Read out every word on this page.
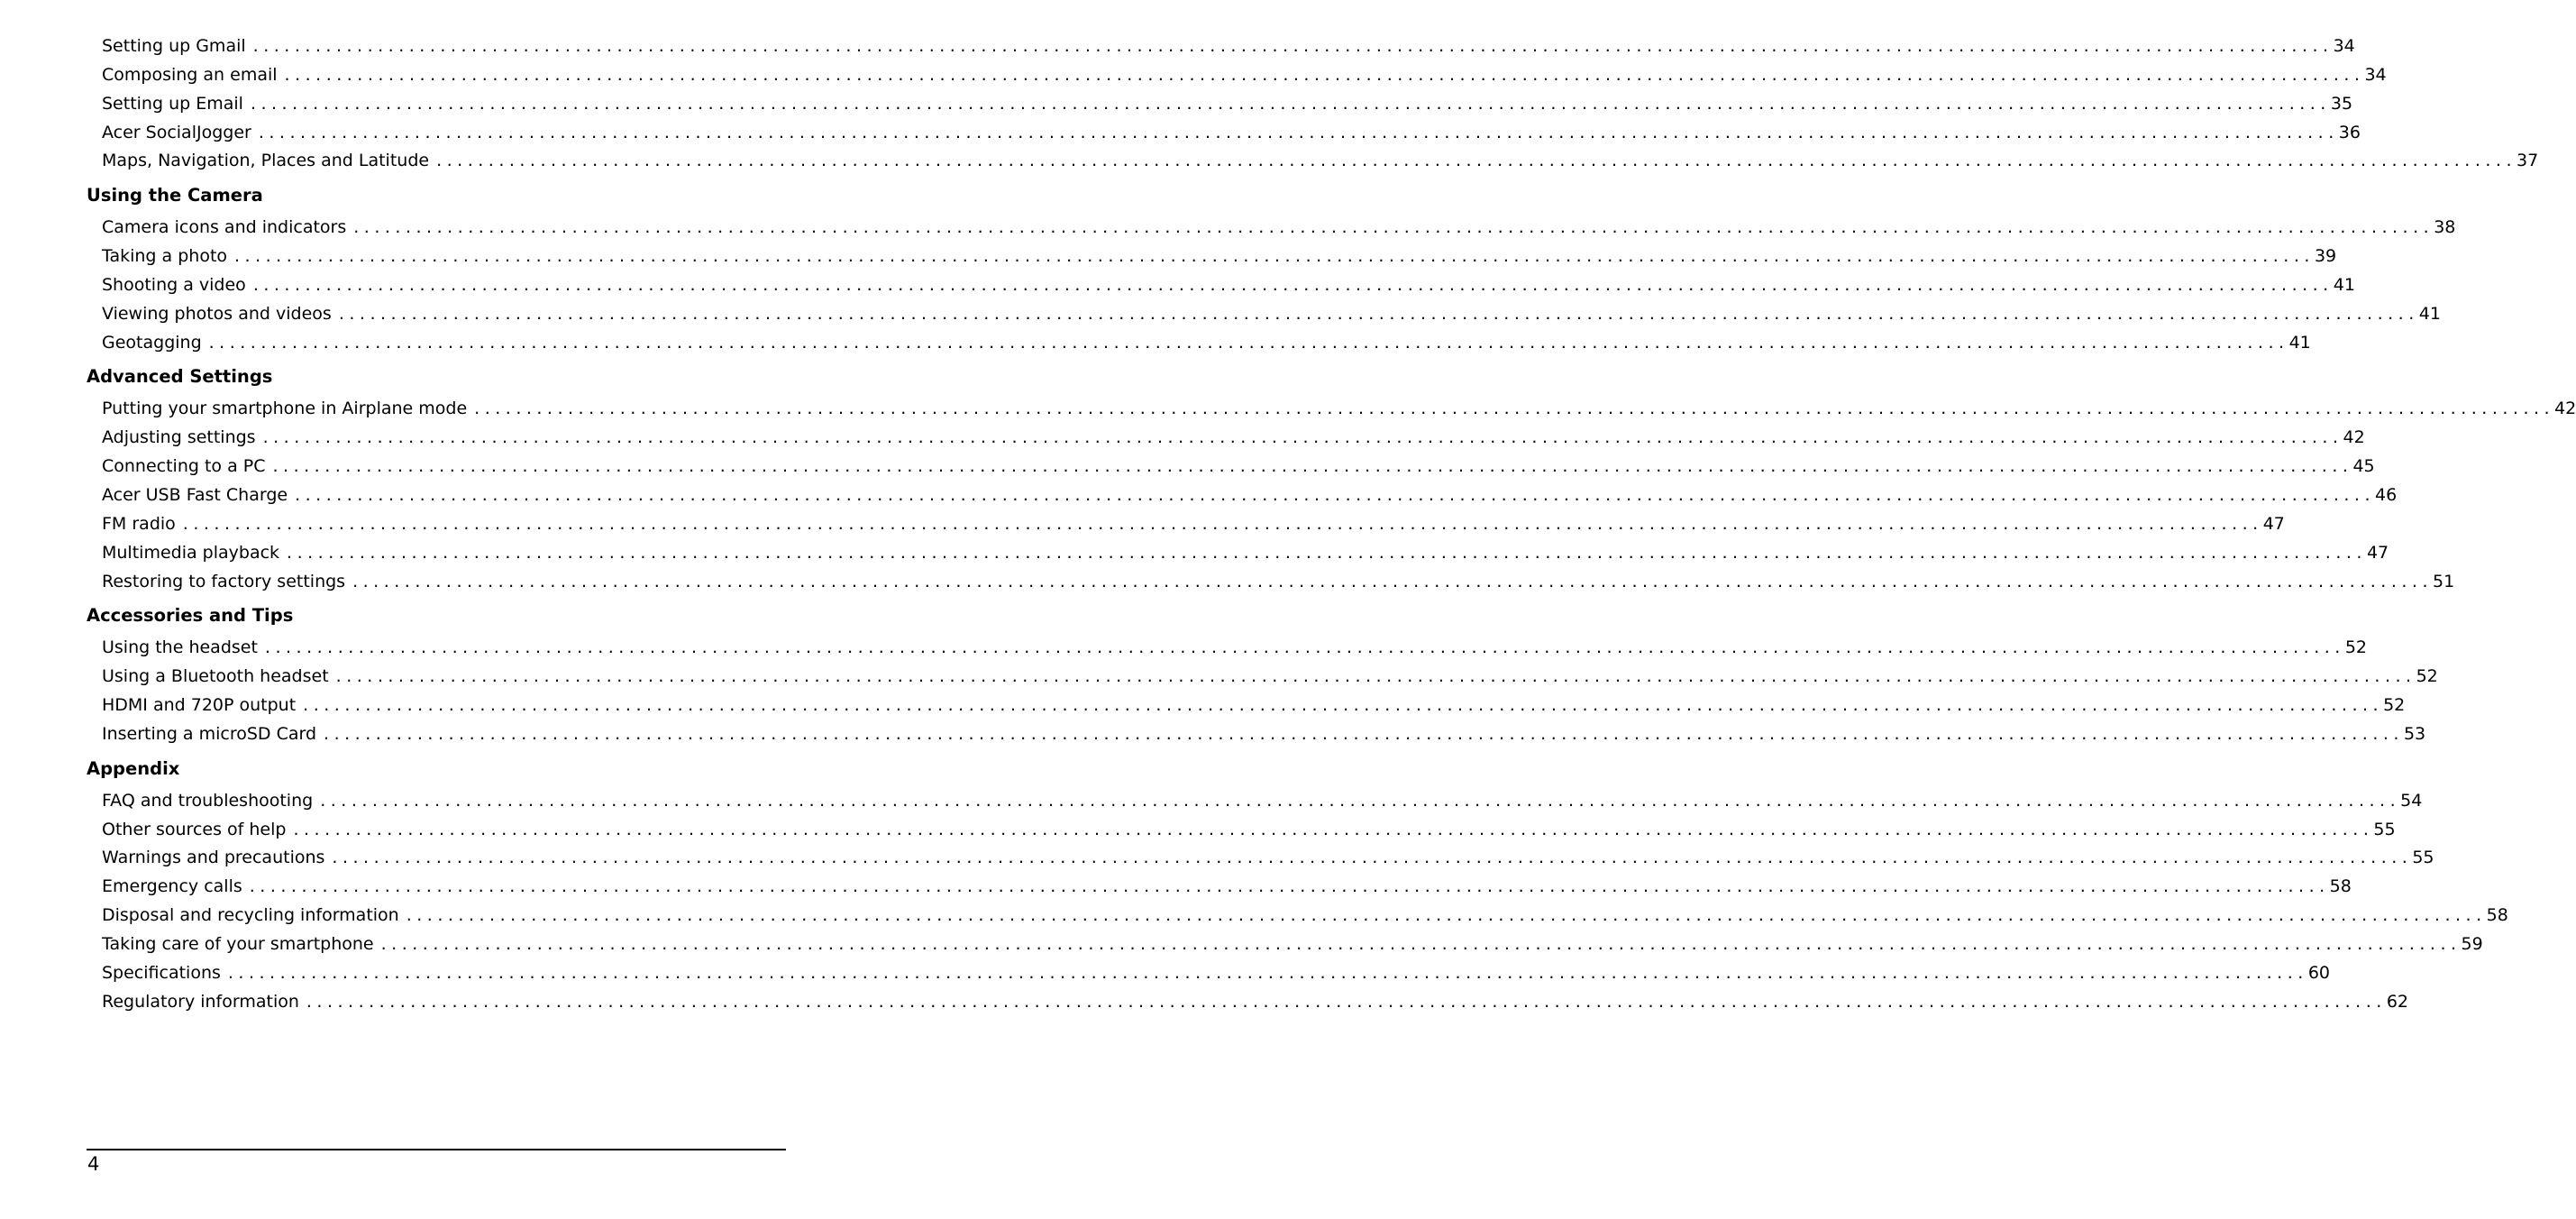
Setting up Gmail ........................................................................................................................................................................................................ 34
Composing an email ........................................................................................................................................................................................................ 34
Setting up Email ........................................................................................................................................................................................................ 35
Acer SocialJogger ........................................................................................................................................................................................................ 36
Maps, Navigation, Places and Latitude ........................................................................................................................................................................................................ 37
Using the Camera
Camera icons and indicators ........................................................................................................................................................................................................ 38
Taking a photo ........................................................................................................................................................................................................ 39
Shooting a video ........................................................................................................................................................................................................ 41
Viewing photos and videos ........................................................................................................................................................................................................ 41
Geotagging ........................................................................................................................................................................................................ 41
Advanced Settings
Putting your smartphone in Airplane mode ........................................................................................................................................................................................................ 42
Adjusting settings ........................................................................................................................................................................................................ 42
Connecting to a PC ........................................................................................................................................................................................................ 45
Acer USB Fast Charge ........................................................................................................................................................................................................ 46
FM radio ........................................................................................................................................................................................................ 47
Multimedia playback ........................................................................................................................................................................................................ 47
Restoring to factory settings ........................................................................................................................................................................................................ 51
Accessories and Tips
Using the headset ........................................................................................................................................................................................................ 52
Using a Bluetooth headset ........................................................................................................................................................................................................ 52
HDMI and 720P output ........................................................................................................................................................................................................ 52
Inserting a microSD Card ........................................................................................................................................................................................................ 53
Appendix
FAQ and troubleshooting ........................................................................................................................................................................................................ 54
Other sources of help ........................................................................................................................................................................................................ 55
Warnings and precautions ........................................................................................................................................................................................................ 55
Emergency calls ........................................................................................................................................................................................................ 58
Disposal and recycling information ........................................................................................................................................................................................................ 58
Taking care of your smartphone ........................................................................................................................................................................................................ 59
Specifications ........................................................................................................................................................................................................ 60
Regulatory information ........................................................................................................................................................................................................ 62
4
